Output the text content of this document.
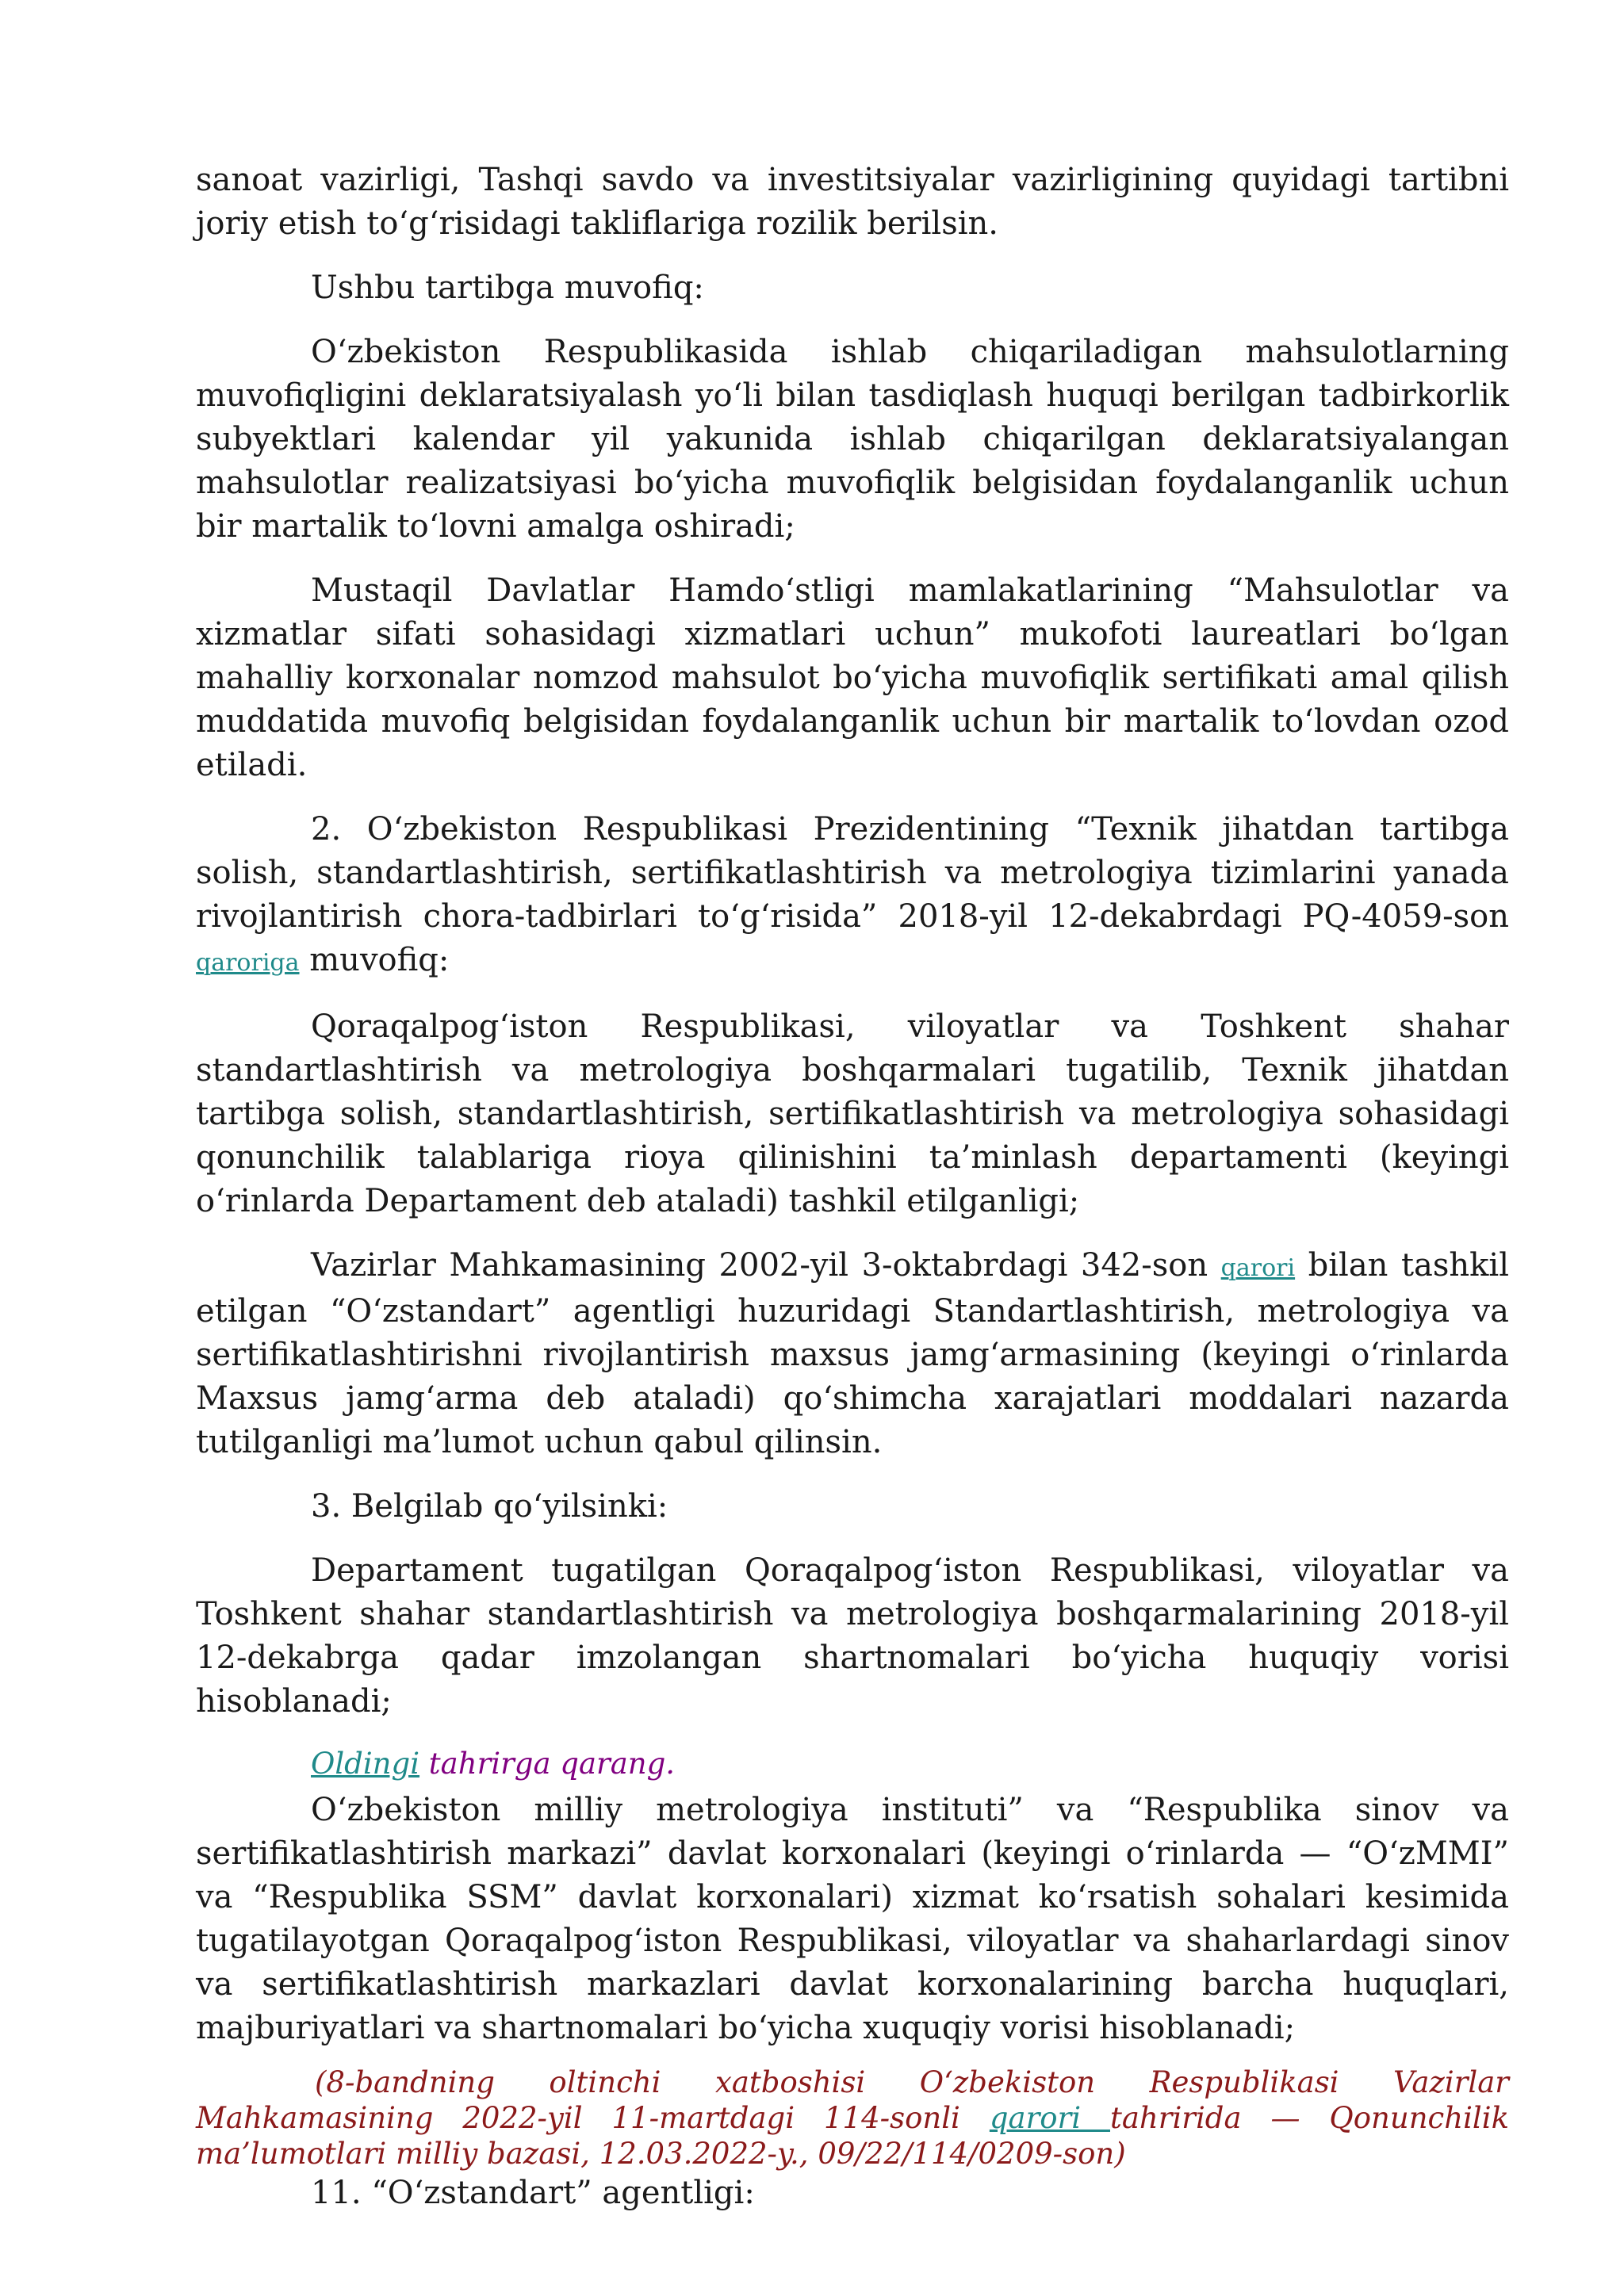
sanoat vazirligi, Tashqi savdo va investitsiyalar vazirligining quyidagi tartibni joriy etish to‘g‘risidagi takliflariga rozilik berilsin.

Ushbu tartibga muvofiq:

O‘zbekiston Respublikasida ishlab chiqariladigan mahsulotlarning muvofiqligini deklaratsiyalash yo‘li bilan tasdiqlash huquqi berilgan tadbirkorlik subyektlari kalendar yil yakunida ishlab chiqarilgan deklaratsiyalangan mahsulotlar realizatsiyasi bo‘yicha muvofiqlik belgisidan foydalanganlik uchun bir martalik to‘lovni amalga oshiradi;

Mustaqil Davlatlar Hamdo‘stligi mamlakatlarining “Mahsulotlar va xizmatlar sifati sohasidagi xizmatlari uchun” mukofoti laureatlari bo‘lgan mahalliy korxonalar nomzod mahsulot bo‘yicha muvofiqlik sertifikati amal qilish muddatida muvofiq belgisidan foydalanganlik uchun bir martalik to‘lovdan ozod etiladi.

2. O‘zbekiston Respublikasi Prezidentining “Texnik jihatdan tartibga solish, standartlashtirish, sertifikatlashtirish va metrologiya tizimlarini yanada rivojlantirish chora-tadbirlari to‘g‘risida” 2018-yil 12-dekabrdagi PQ-4059-son qaroriga muvofiq:

Qoraqalpog‘iston Respublikasi, viloyatlar va Toshkent shahar standartlashtirish va metrologiya boshqarmalari tugatilib, Texnik jihatdan tartibga solish, standartlashtirish, sertifikatlashtirish va metrologiya sohasidagi qonunchilik talablariga rioya qilinishini ta’minlash departamenti (keyingi o‘rinlarda Departament deb ataladi) tashkil etilganligi;

Vazirlar Mahkamasining 2002-yil 3-oktabrdagi 342-son qarori bilan tashkil etilgan “O‘zstandart” agentligi huzuridagi Standartlashtirish, metrologiya va sertifikatlashtirishni rivojlantirish maxsus jamg‘armasining (keyingi o‘rinlarda Maxsus jamg‘arma deb ataladi) qo‘shimcha xarajatlari moddalari nazarda tutilganligi ma’lumot uchun qabul qilinsin.

3. Belgilab qo‘yilsinki:

Departament tugatilgan Qoraqalpog‘iston Respublikasi, viloyatlar va Toshkent shahar standartlashtirish va metrologiya boshqarmalarining 2018-yil 12-dekabrga qadar imzolangan shartnomalari bo‘yicha huquqiy vorisi hisoblanadi;

Oldingi tahrirga qarang.

O‘zbekiston milliy metrologiya instituti” va “Respublika sinov va sertifikatlashtirish markazi” davlat korxonalari (keyingi o‘rinlarda — “O‘zMMI” va “Respublika SSM” davlat korxonalari) xizmat ko‘rsatish sohalari kesimida tugatilayotgan Qoraqalpog‘iston Respublikasi, viloyatlar va shaharlardagi sinov va sertifikatlashtirish markazlari davlat korxonalarining barcha huquqlari, majburiyatlari va shartnomalari bo‘yicha xuquqiy vorisi hisoblanadi;

(8-bandning oltinchi xatboshisi O‘zbekiston Respublikasi Vazirlar Mahkamasining 2022-yil 11-martdagi 114-sonli qarori tahririda — Qonunchilik ma’lumotlari milliy bazasi, 12.03.2022-y., 09/22/114/0209-son)

11. “O‘zstandart” agentligi:
